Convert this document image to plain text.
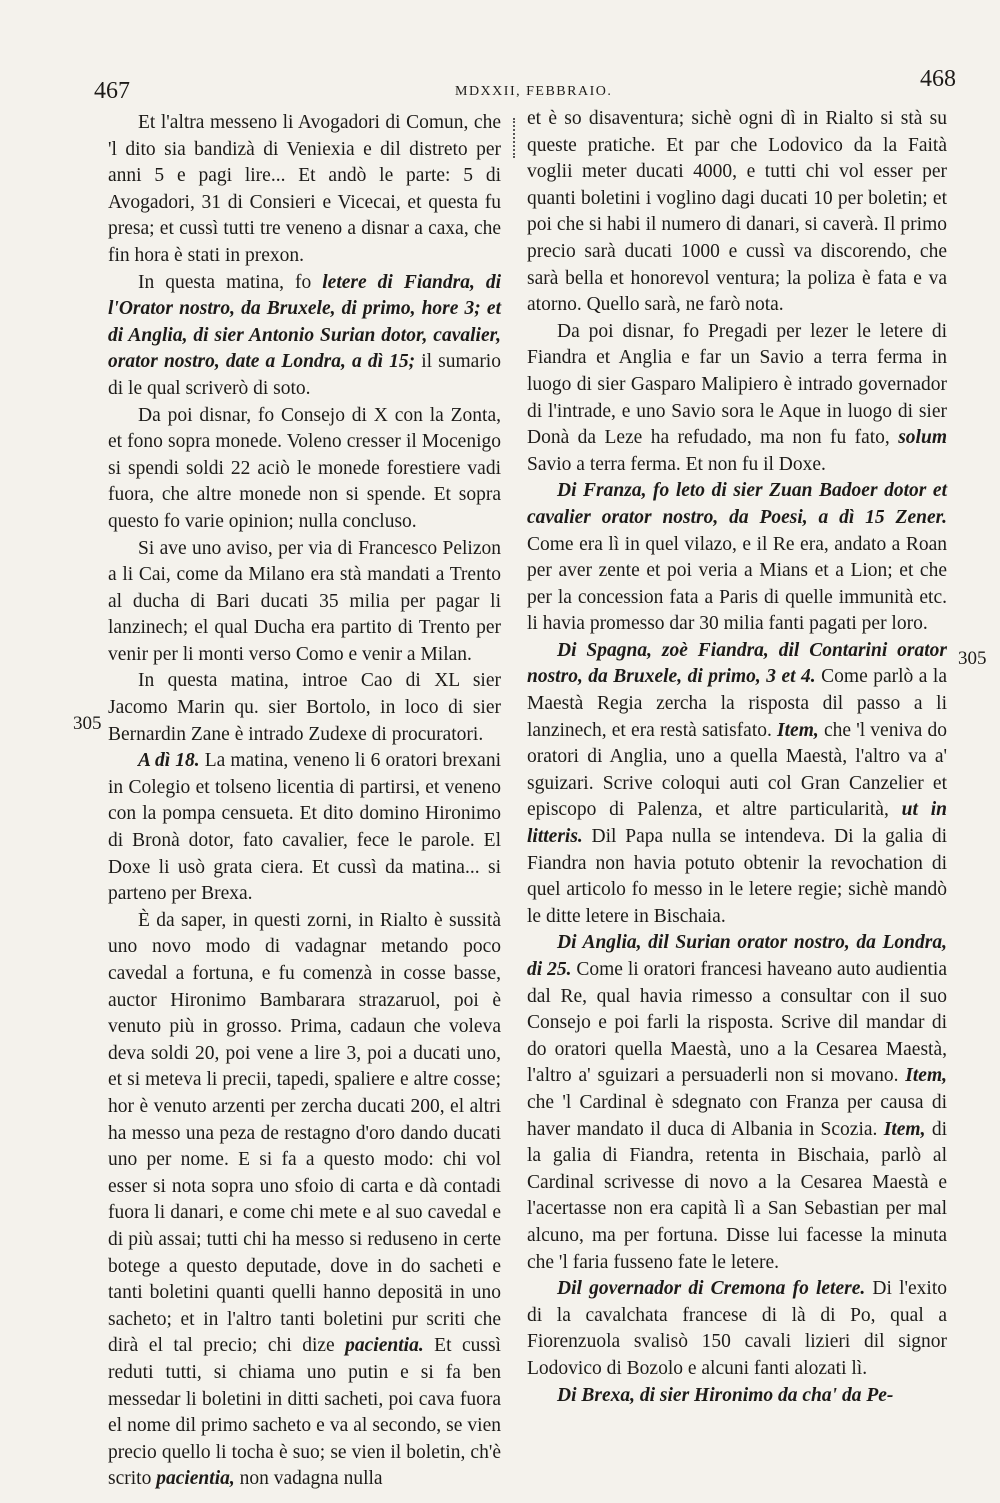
467	MDXXII, FEBBRAIO.	468
305
305

Et l'altra messeno li Avogadori di Comun, che 'l dito sia bandizà di Veniexia e dil distreto per anni 5 e pagi lire... Et andò le parte: 5 di Avogadori, 31 di Consieri e Vicecai, et questa fu presa; et cussì tutti tre veneno a disnar a caxa, che fin hora è stati in prexon.

In questa matina, fo letere di Fiandra, di l'Orator nostro, da Bruxele, di primo, hore 3; et di Anglia, di sier Antonio Surian dotor, cavalier, orator nostro, date a Londra, a dì 15; il sumario di le qual scriverò di soto.

Da poi disnar, fo Consejo di X con la Zonta, et fono sopra monede. Voleno cresser il Mocenigo si spendi soldi 22 aciò le monede forestiere vadi fuora, che altre monede non si spende. Et sopra questo fo varie opinion; nulla concluso.

Si ave uno aviso, per via di Francesco Pelizon a li Cai, come da Milano era stà mandati a Trento al ducha di Bari ducati 35 milia per pagar li lanzinech; el qual Ducha era partito di Trento per venir per li monti verso Como e venir a Milan.

In questa matina, introe Cao di XL sier Jacomo Marin qu. sier Bortolo, in loco di sier Bernardin Zane è intrado Zudexe di procuratori.

A dì 18. La matina, veneno li 6 oratori brexani in Colegio et tolseno licentia di partirsi, et veneno con la pompa censueta. Et dito domino Hironimo di Bronà dotor, fato cavalier, fece le parole. El Doxe li usò grata ciera. Et cussì da matina... si parteno per Brexa.

È da saper, in questi zorni, in Rialto è sussità uno novo modo di vadagnar metando poco cavedal a fortuna, e fu comenzà in cosse basse, auctor Hironimo Bambarara strazaruol, poi è venuto più in grosso. Prima, cadaun che voleva deva soldi 20, poi vene a lire 3, poi a ducati uno, et si meteva li precii, tapedi, spaliere e altre cosse; hor è venuto arzenti per zercha ducati 200, el altri ha messo una peza de restagno d'oro dando ducati uno per nome. E si fa a questo modo: chi vol esser si nota sopra uno sfoio di carta e dà contadi fuora li danari, e come chi mete e al suo cavedal e di più assai; tutti chi ha messo si reduseno in certe botege a questo deputade, dove in do sacheti e tanti boletini quanti quelli hanno depositä in uno sacheto; et in l'altro tanti boletini pur scriti che dirà el tal precio; chi dize pacientia. Et cussì reduti tutti, si chiama uno putin e si fa ben messedar li boletini in ditti sacheti, poi cava fuora el nome dil primo sacheto e va al secondo, se vien precio quello li tocha è suo; se vien il boletin, ch'è scrito pacientia, non vadagna nulla

et è so disaventura; sichè ogni dì in Rialto si stà su queste pratiche. Et par che Lodovico da la Faità voglii meter ducati 4000, e tutti chi vol esser per quanti boletini i voglino dagi ducati 10 per boletin; et poi che si habi il numero di danari, si caverà. Il primo precio sarà ducati 1000 e cussì va discorendo, che sarà bella et honorevol ventura; la poliza è fata e va atorno. Quello sarà, ne farò nota.

Da poi disnar, fo Pregadi per lezer le letere di Fiandra et Anglia e far un Savio a terra ferma in luogo di sier Gasparo Malipiero è intrado governador di l'intrade, e uno Savio sora le Aque in luogo di sier Donà da Leze ha refudado, ma non fu fato, solum Savio a terra ferma. Et non fu il Doxe.

Di Franza, fo leto di sier Zuan Badoer dotor et cavalier orator nostro, da Poesi, a dì 15 Zener. Come era lì in quel vilazo, e il Re era, andato a Roan per aver zente et poi veria a Mians et a Lion; et che per la concession fata a Paris di quelle immunità etc. li havia promesso dar 30 milia fanti pagati per loro.

Di Spagna, zoè Fiandra, dil Contarini orator nostro, da Bruxele, di primo, 3 et 4. Come parlò a la Maestà Regia zercha la risposta dil passo a li lanzinech, et era restà satisfato. Item, che 'l veniva do oratori di Anglia, uno a quella Maestà, l'altro va a' sguizari. Scrive coloqui auti col Gran Canzelier et episcopo di Palenza, et altre particularità, ut in litteris. Dil Papa nulla se intendeva. Di la galia di Fiandra non havia potuto obtenir la revochation di quel articolo fo messo in le letere regie; sichè mandò le ditte letere in Bischaia.

Di Anglia, dil Surian orator nostro, da Londra, di 25. Come li oratori francesi haveano auto audientia dal Re, qual havia rimesso a consultar con il suo Consejo e poi farli la risposta. Scrive dil mandar di do oratori quella Maestà, uno a la Cesarea Maestà, l'altro a' sguizari a persuaderli non si movano. Item, che 'l Cardinal è sdegnato con Franza per causa di haver mandato il duca di Albania in Scozia. Item, di la galia di Fiandra, retenta in Bischaia, parlò al Cardinal scrivesse di novo a la Cesarea Maestà e l'acertasse non era capità lì a San Sebastian per mal alcuno, ma per fortuna. Disse lui facesse la minuta che 'l faria fusseno fate le letere.

Dil governador di Cremona fo letere. Di l'exito di la cavalchata francese di là di Po, qual a Fiorenzuola svalisò 150 cavali lizieri dil signor Lodovico di Bozolo e alcuni fanti alozati lì.

Di Brexa, di sier Hironimo da cha' da Pe-
